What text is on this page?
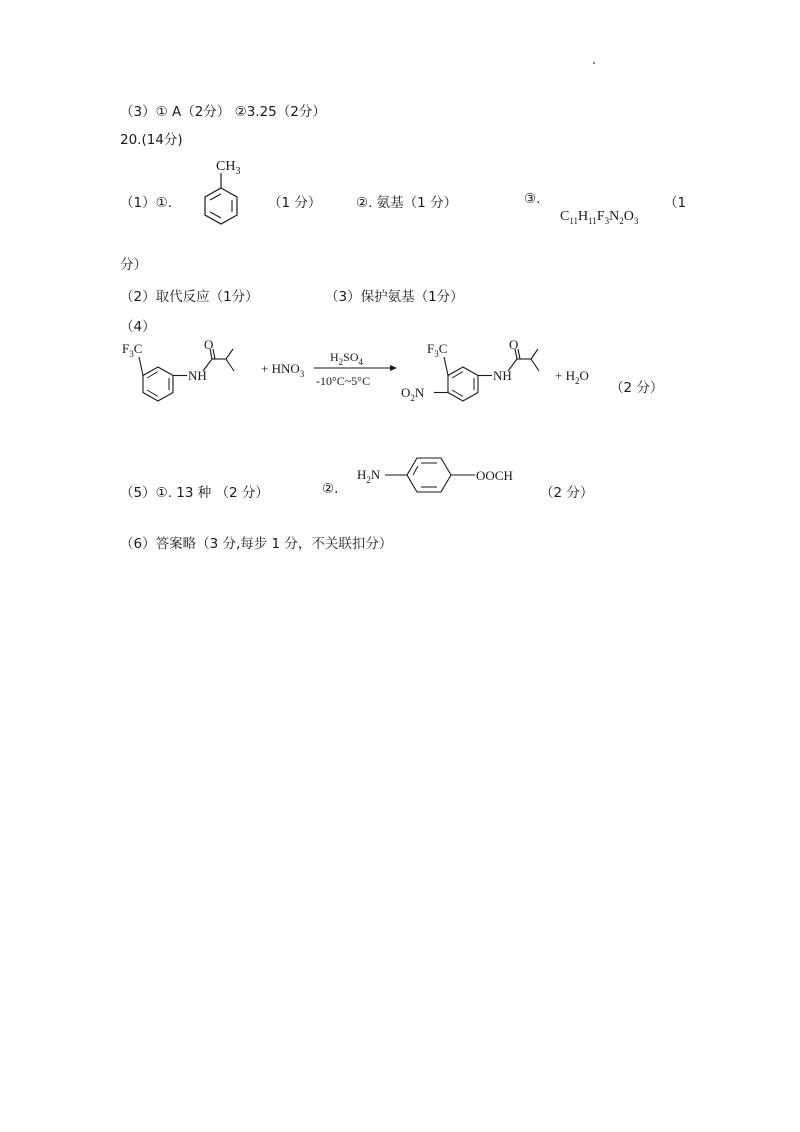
（3）① A（2分） ②3.25（2分）
20.(14分)
（1）①.
$CH_3$
（1 分）	②. 氨基（1 分）	③.
$C_{11}H_{11}F_3N_2O_3$
（1
分）
（2）取代反应（1分）	（3）保护氨基（1分）
（4）
$F_3C$
NH
O
+ $HNO_3$
$H_2SO_4$
-10°C~5°C
$F_3C$
$O_2N$
NH
O
+ $H_2O$
（2 分）
（5）①. 13 种 （2 分）	②.
$H_2N$	OOCH
（2 分）
（6）答案略（3 分,每步 1 分，不关联扣分）
